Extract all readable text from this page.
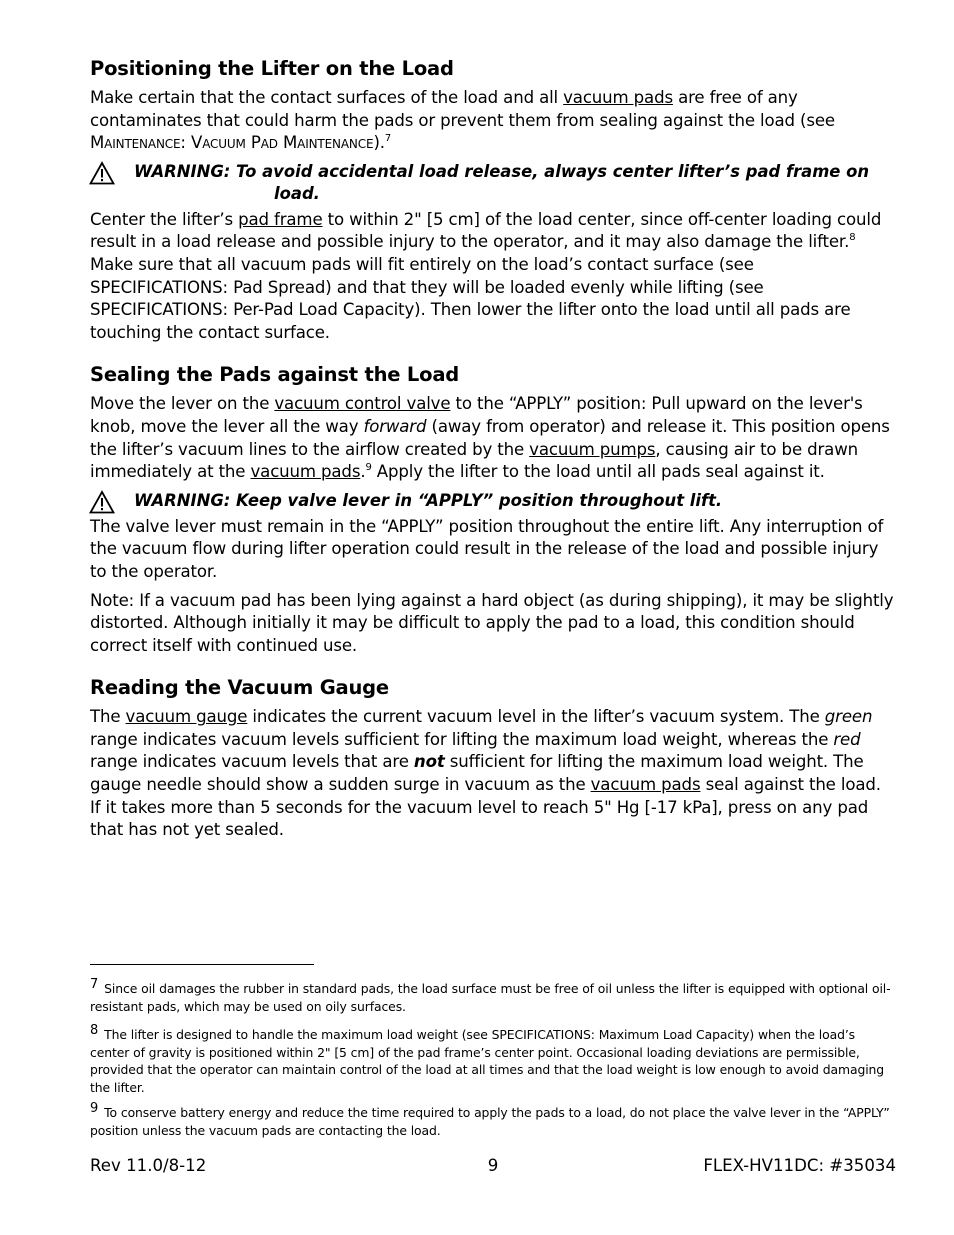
Positioning the Lifter on the Load

Make certain that the contact surfaces of the load and all vacuum pads are free of any contaminates that could harm the pads or prevent them from sealing against the load (see Maintenance: Vacuum Pad Maintenance).$^7$

WARNING: To avoid accidental load release, always center lifter’s pad frame on
load.

Center the lifter’s pad frame to within 2" [5 cm] of the load center, since off-center loading could result in a load release and possible injury to the operator, and it may also damage the lifter.$^8$ Make sure that all vacuum pads will fit entirely on the load’s contact surface (see SPECIFICATIONS: Pad Spread) and that they will be loaded evenly while lifting (see SPECIFICATIONS: Per-Pad Load Capacity). Then lower the lifter onto the load until all pads are touching the contact surface.

Sealing the Pads against the Load

Move the lever on the vacuum control valve to the “APPLY” position: Pull upward on the lever's knob, move the lever all the way forward (away from operator) and release it. This position opens the lifter’s vacuum lines to the airflow created by the vacuum pumps, causing air to be drawn immediately at the vacuum pads.$^9$ Apply the lifter to the load until all pads seal against it.

WARNING: Keep valve lever in “APPLY” position throughout lift.

The valve lever must remain in the “APPLY” position throughout the entire lift. Any interruption of the vacuum flow during lifter operation could result in the release of the load and possible injury to the operator.

Note: If a vacuum pad has been lying against a hard object (as during shipping), it may be slightly distorted. Although initially it may be difficult to apply the pad to a load, this condition should correct itself with continued use.

Reading the Vacuum Gauge

The vacuum gauge indicates the current vacuum level in the lifter’s vacuum system. The green range indicates vacuum levels sufficient for lifting the maximum load weight, whereas the red range indicates vacuum levels that are not sufficient for lifting the maximum load weight. The gauge needle should show a sudden surge in vacuum as the vacuum pads seal against the load. If it takes more than 5 seconds for the vacuum level to reach 5" Hg [-17 kPa], press on any pad that has not yet sealed.

7 Since oil damages the rubber in standard pads, the load surface must be free of oil unless the lifter is equipped with optional oil-resistant pads, which may be used on oily surfaces.
8 The lifter is designed to handle the maximum load weight (see SPECIFICATIONS: Maximum Load Capacity) when the load’s center of gravity is positioned within 2" [5 cm] of the pad frame’s center point. Occasional loading deviations are permissible, provided that the operator can maintain control of the load at all times and that the load weight is low enough to avoid damaging the lifter.
9 To conserve battery energy and reduce the time required to apply the pads to a load, do not place the valve lever in the “APPLY” position unless the vacuum pads are contacting the load.
Rev 11.0/8-12	9	FLEX-HV11DC: #35034
